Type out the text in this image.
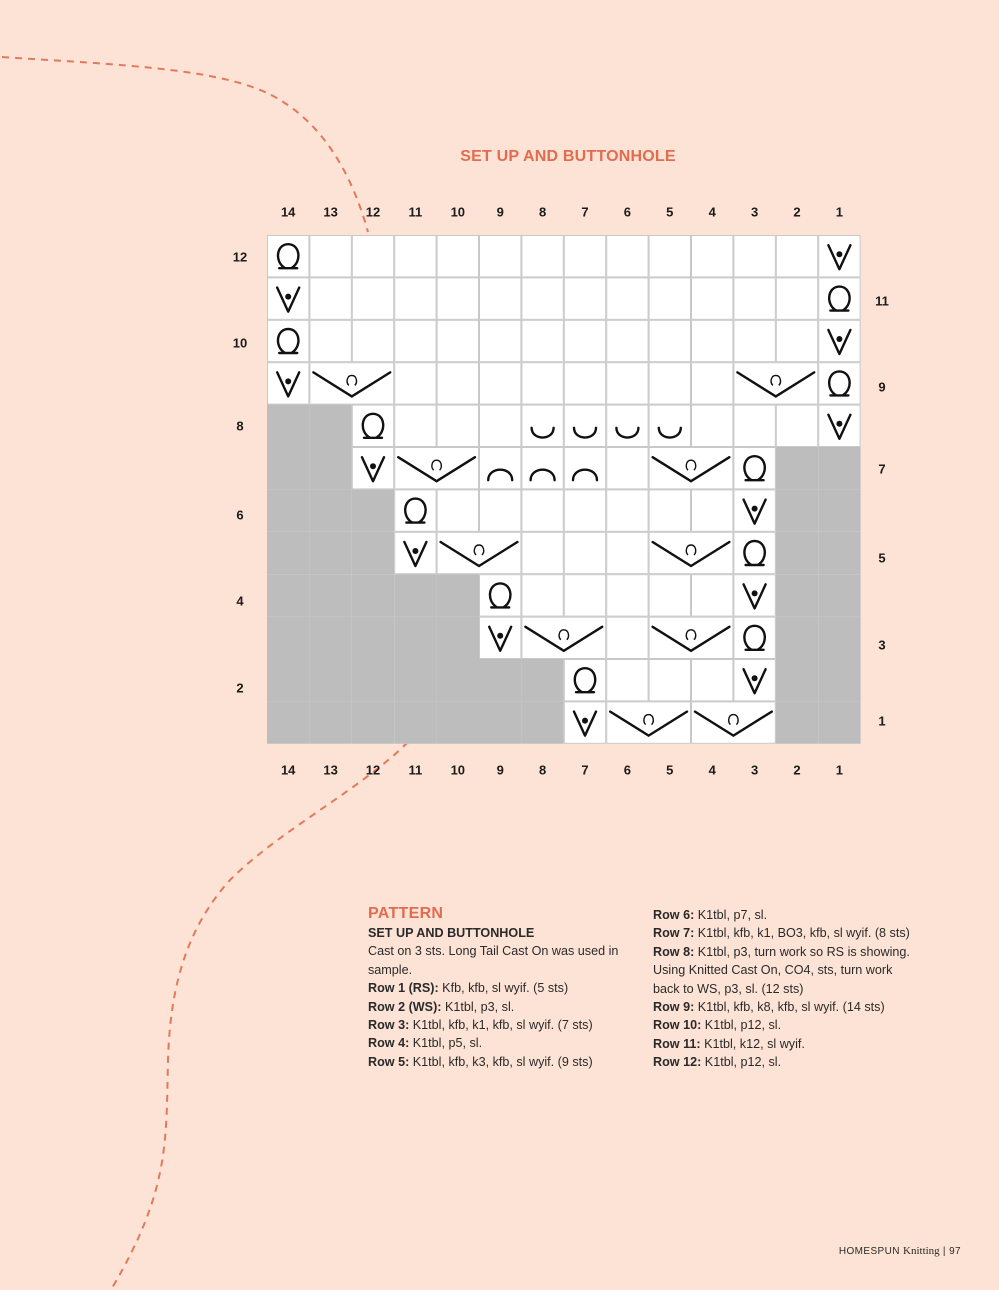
SET UP AND BUTTONHOLE
14
14
13
13
12
12
11
11
10
10
9
9
8
8
7
7
6
6
5
5
4
4
3
3
2
2
1
1
12
10
8
6
4
2
11
9
7
5
3
1
PATTERN
SET UP AND BUTTONHOLE
Cast on 3 sts. Long Tail Cast On was used in sample.
Row 1 (RS): Kfb, kfb, sl wyif. (5 sts)
Row 2 (WS): K1tbl, p3, sl.
Row 3: K1tbl, kfb, k1, kfb, sl wyif. (7 sts)
Row 4: K1tbl, p5, sl.
Row 5: K1tbl, kfb, k3, kfb, sl wyif. (9 sts)
Row 6: K1tbl, p7, sl.
Row 7: K1tbl, kfb, k1, BO3, kfb, sl wyif. (8 sts)
Row 8: K1tbl, p3, turn work so RS is showing. Using Knitted Cast On, CO4, sts, turn work back to WS, p3, sl. (12 sts)
Row 9: K1tbl, kfb, k8, kfb, sl wyif. (14 sts)
Row 10: K1tbl, p12, sl.
Row 11: K1tbl, k12, sl wyif.
Row 12: K1tbl, p12, sl.
HOMESPUN Knitting | 97
